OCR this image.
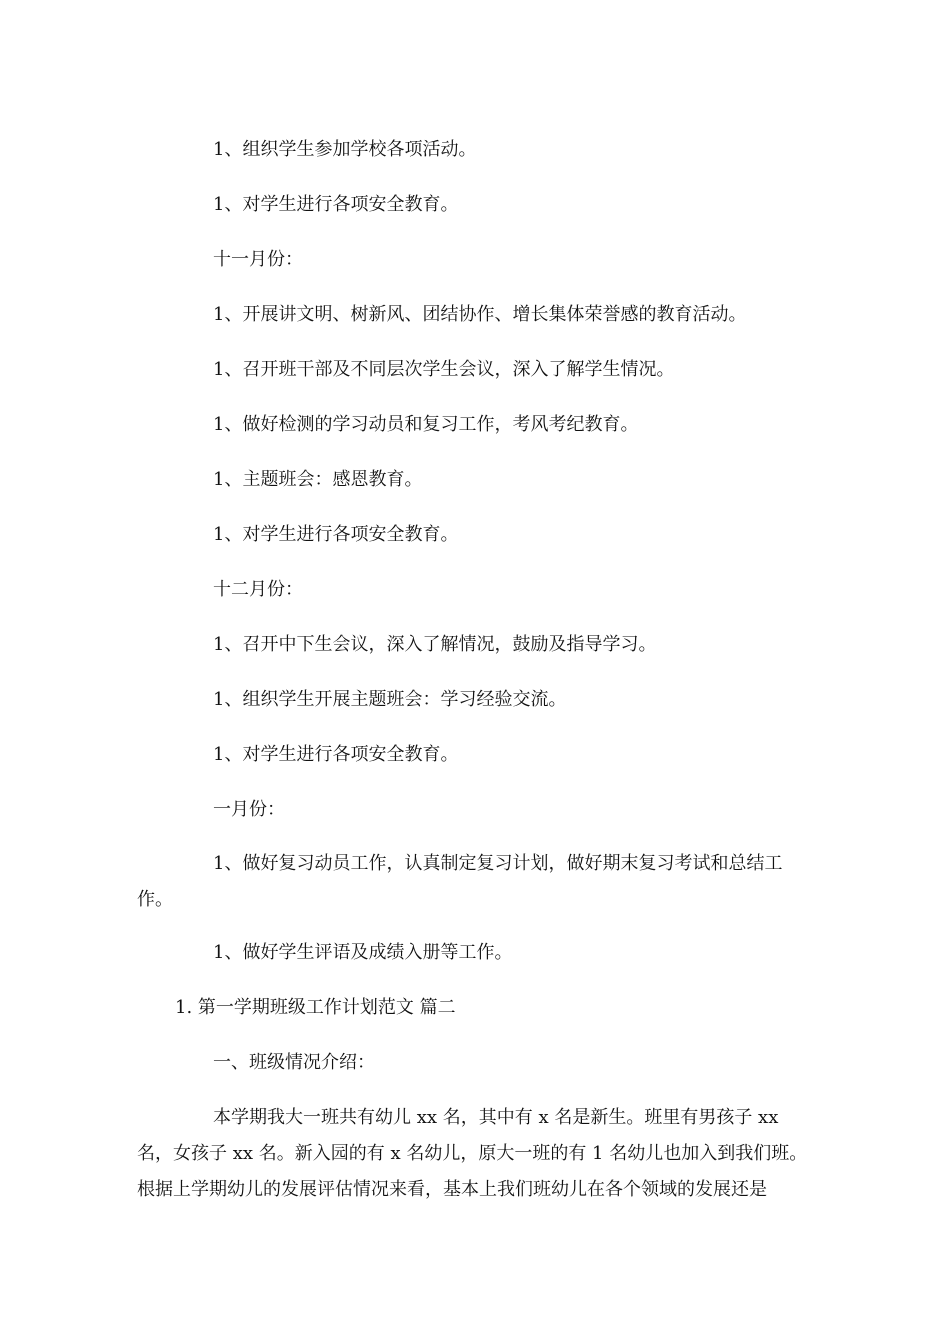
1、组织学生参加学校各项活动。

1、对学生进行各项安全教育。

十一月份：

1、开展讲文明、树新风、团结协作、增长集体荣誉感的教育活动。

1、召开班干部及不同层次学生会议，深入了解学生情况。

1、做好检测的学习动员和复习工作，考风考纪教育。

1、主题班会：感恩教育。

1、对学生进行各项安全教育。

十二月份：

1、召开中下生会议，深入了解情况，鼓励及指导学习。

1、组织学生开展主题班会：学习经验交流。

1、对学生进行各项安全教育。

一月份：

1、做好复习动员工作，认真制定复习计划，做好期末复习考试和总结工作。

1、做好学生评语及成绩入册等工作。

1. 第一学期班级工作计划范文 篇二

一、班级情况介绍：

本学期我大一班共有幼儿 xx 名，其中有 x 名是新生。班里有男孩子 xx 名，女孩子 xx 名。新入园的有 x 名幼儿，原大一班的有 1 名幼儿也加入到我们班。根据上学期幼儿的发展评估情况来看，基本上我们班幼儿在各个领域的发展还是
